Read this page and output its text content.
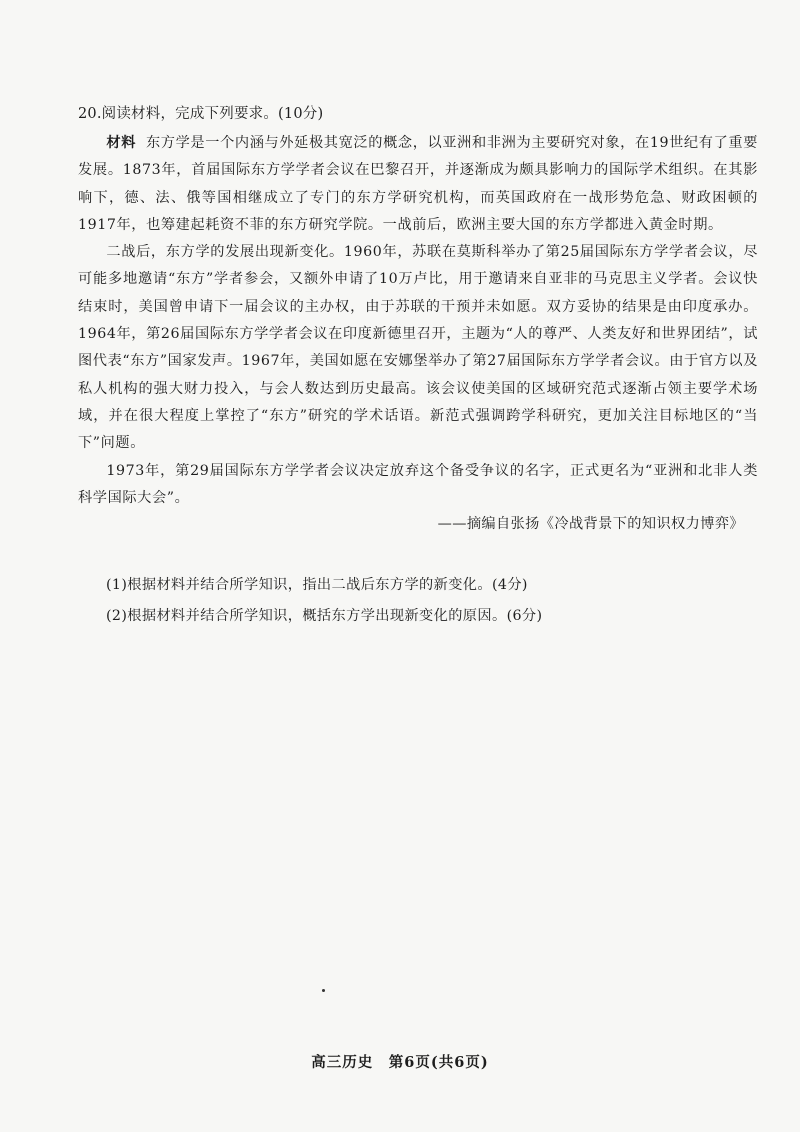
20.阅读材料，完成下列要求。(10分)

材料 东方学是一个内涵与外延极其宽泛的概念，以亚洲和非洲为主要研究对象，在19世纪有了重要发展。1873年，首届国际东方学学者会议在巴黎召开，并逐渐成为颇具影响力的国际学术组织。在其影响下，德、法、俄等国相继成立了专门的东方学研究机构，而英国政府在一战形势危急、财政困顿的1917年，也筹建起耗资不菲的东方研究学院。一战前后，欧洲主要大国的东方学都进入黄金时期。

二战后，东方学的发展出现新变化。1960年，苏联在莫斯科举办了第25届国际东方学学者会议，尽可能多地邀请“东方”学者参会，又额外申请了10万卢比，用于邀请来自亚非的马克思主义学者。会议快结束时，美国曾申请下一届会议的主办权，由于苏联的干预并未如愿。双方妥协的结果是由印度承办。1964年，第26届国际东方学学者会议在印度新德里召开，主题为“人的尊严、人类友好和世界团结”，试图代表“东方”国家发声。1967年，美国如愿在安娜堡举办了第27届国际东方学学者会议。由于官方以及私人机构的强大财力投入，与会人数达到历史最高。该会议使美国的区域研究范式逐渐占领主要学术场域，并在很大程度上掌控了“东方”研究的学术话语。新范式强调跨学科研究，更加关注目标地区的“当下”问题。

1973年，第29届国际东方学学者会议决定放弃这个备受争议的名字，正式更名为“亚洲和北非人类科学国际大会”。

——摘编自张扬《冷战背景下的知识权力博弈》
(1)根据材料并结合所学知识，指出二战后东方学的新变化。(4分)
(2)根据材料并结合所学知识，概括东方学出现新变化的原因。(6分)
高三历史　第6页(共6页)
